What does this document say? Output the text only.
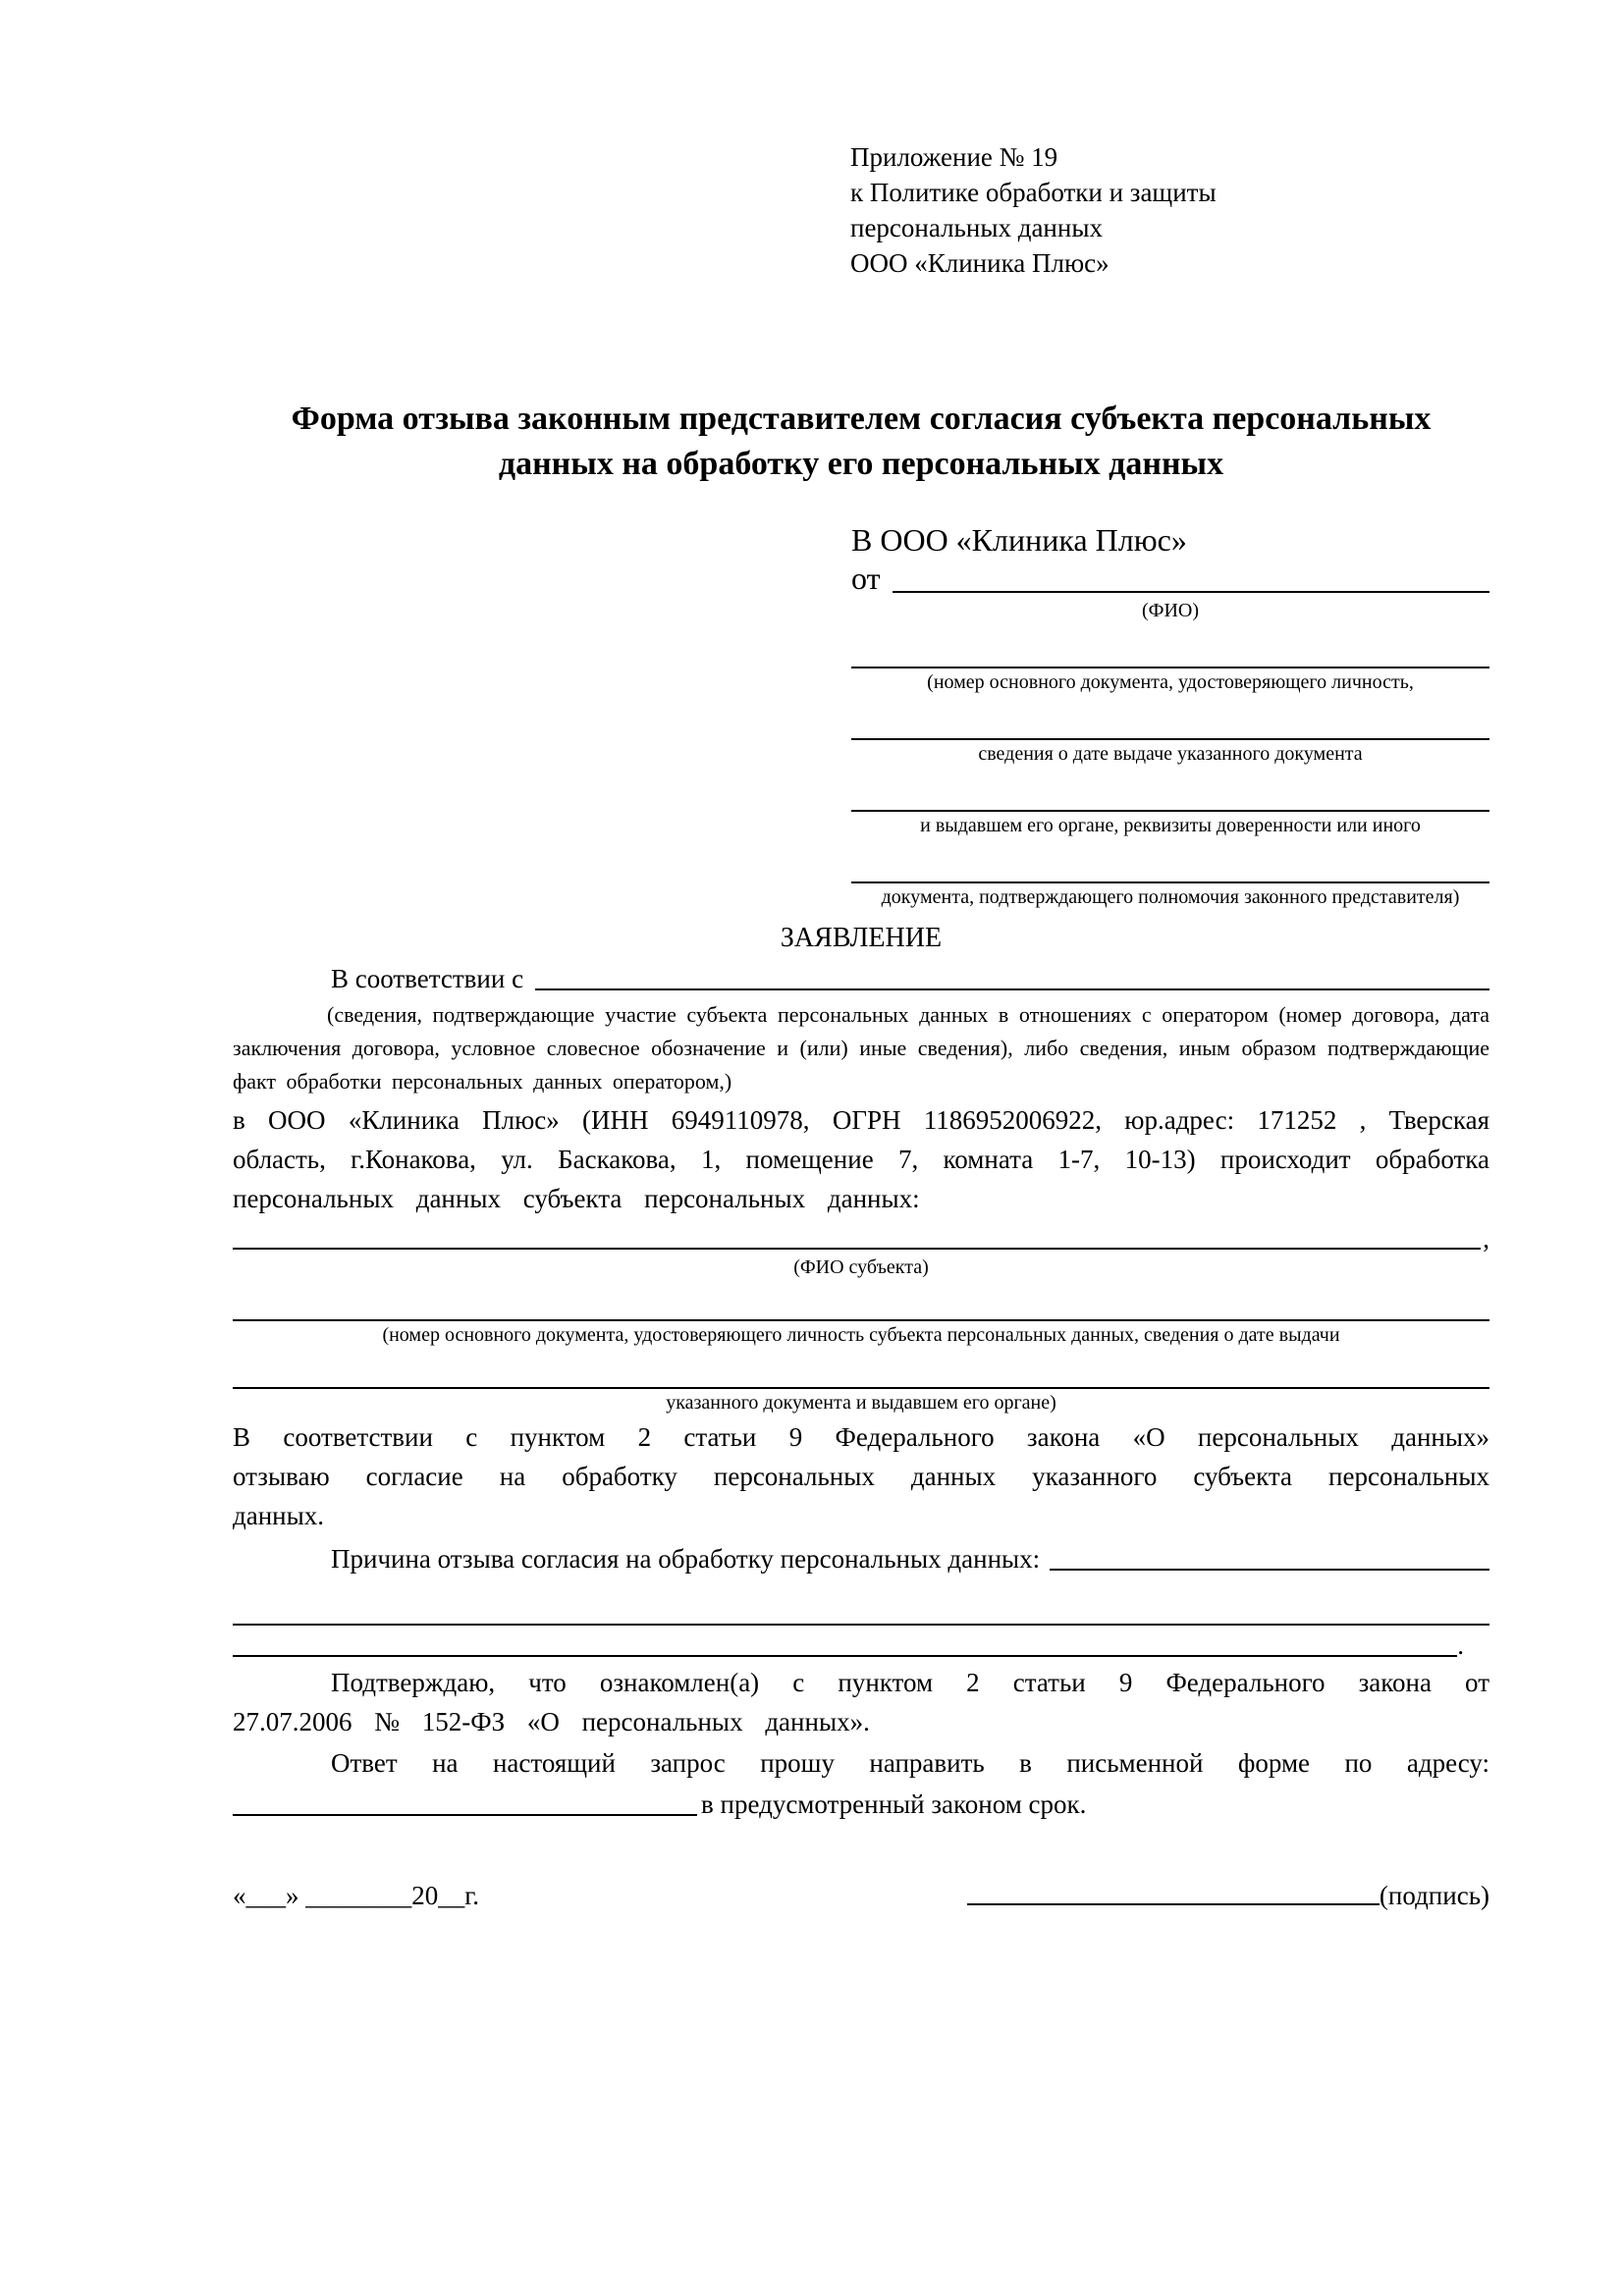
Приложение № 19
к Политике обработки и защиты
персональных данных
ООО «Клиника Плюс»
Форма отзыва законным представителем согласия субъекта персональных данных на обработку его персональных данных
В ООО «Клиника Плюс»
от
(ФИО)
(номер основного документа, удостоверяющего личность,
сведения о дате выдаче указанного документа
и выдавшем его органе, реквизиты доверенности или иного
документа, подтверждающего полномочия законного представителя)
ЗАЯВЛЕНИЕ
В соответствии с
(сведения, подтверждающие участие субъекта персональных данных в отношениях с оператором (номер договора, дата заключения договора, условное словесное обозначение и (или) иные сведения), либо сведения, иным образом подтверждающие факт обработки персональных данных оператором,)

в ООО «Клиника Плюс» (ИНН 6949110978, ОГРН 1186952006922, юр.адрес: 171252 , Тверская область, г.Конакова, ул. Баскакова, 1, помещение 7, комната 1-7, 10-13) происходит обработка персональных данных субъекта персональных данных:

,
(ФИО субъекта)
(номер основного документа, удостоверяющего личность субъекта персональных данных, сведения о дате выдачи
указанного документа и выдавшем его органе)

В соответствии с пунктом 2 статьи 9 Федерального закона «О персональных данных» отзываю согласие на обработку персональных данных указанного субъекта персональных данных.

Причина отзыва согласия на обработку персональных данных:
.

Подтверждаю, что ознакомлен(а) с пунктом 2 статьи 9 Федерального закона от 27.07.2006 № 152-ФЗ «О персональных данных».

Ответ на настоящий запрос прошу направить в письменной форме по адресу:
в предусмотренный законом срок.
«___» ________20__г.	(подпись)
